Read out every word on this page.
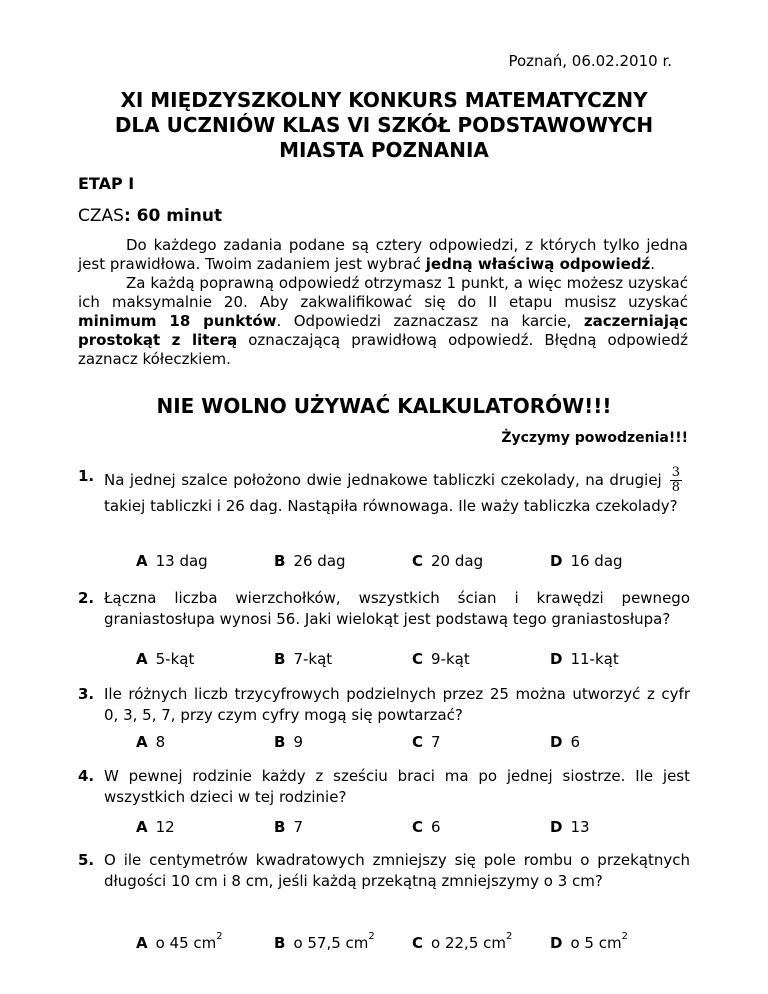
Poznań, 06.02.2010 r.
XI MIĘDZYSZKOLNY KONKURS MATEMATYCZNY
DLA UCZNIÓW KLAS VI SZKÓŁ PODSTAWOWYCH
MIASTA POZNANIA
ETAP I
CZAS: 60 minut

Do każdego zadania podane są cztery odpowiedzi, z których tylko jedna jest prawidłowa. Twoim zadaniem jest wybrać jedną właściwą odpowiedź.

Za każdą poprawną odpowiedź otrzymasz 1 punkt, a więc możesz uzyskać ich maksymalnie 20. Aby zakwalifikować się do II etapu musisz uzyskać minimum 18 punktów. Odpowiedzi zaznaczasz na karcie, zaczerniając prostokąt z literą oznaczającą prawidłową odpowiedź. Błędną odpowiedź zaznacz kółeczkiem.

NIE WOLNO UŻYWAĆ KALKULATORÓW!!!
Życzymy powodzenia!!!
1. Na jednej szalce położono dwie jednakowe tabliczki czekolady, na drugiej $\frac{3}{8}$
takiej tabliczki i 26 dag. Nastąpiła równowaga. Ile waży tabliczka czekolady?
A 13 dag	B 26 dag	C 20 dag	D 16 dag
2. Łączna liczba wierzchołków, wszystkich ścian i krawędzi pewnego graniastosłupa wynosi 56. Jaki wielokąt jest podstawą tego graniastosłupa?
A 5-kąt	B 7-kąt	C 9-kąt	D 11-kąt
3. Ile różnych liczb trzycyfrowych podzielnych przez 25 można utworzyć z cyfr 0, 3, 5, 7, przy czym cyfry mogą się powtarzać?
A 8	B 9	C 7	D 6
4. W pewnej rodzinie każdy z sześciu braci ma po jednej siostrze. Ile jest wszystkich dzieci w tej rodzinie?
A 12	B 7	C 6	D 13
5. O ile centymetrów kwadratowych zmniejszy się pole rombu o przekątnych długości 10 cm i 8 cm, jeśli każdą przekątną zmniejszymy o 3 cm?
A o 45 $cm^2$	B o 57,5 $cm^2$ C o 22,5 $cm^2$	D o 5 $cm^2$
